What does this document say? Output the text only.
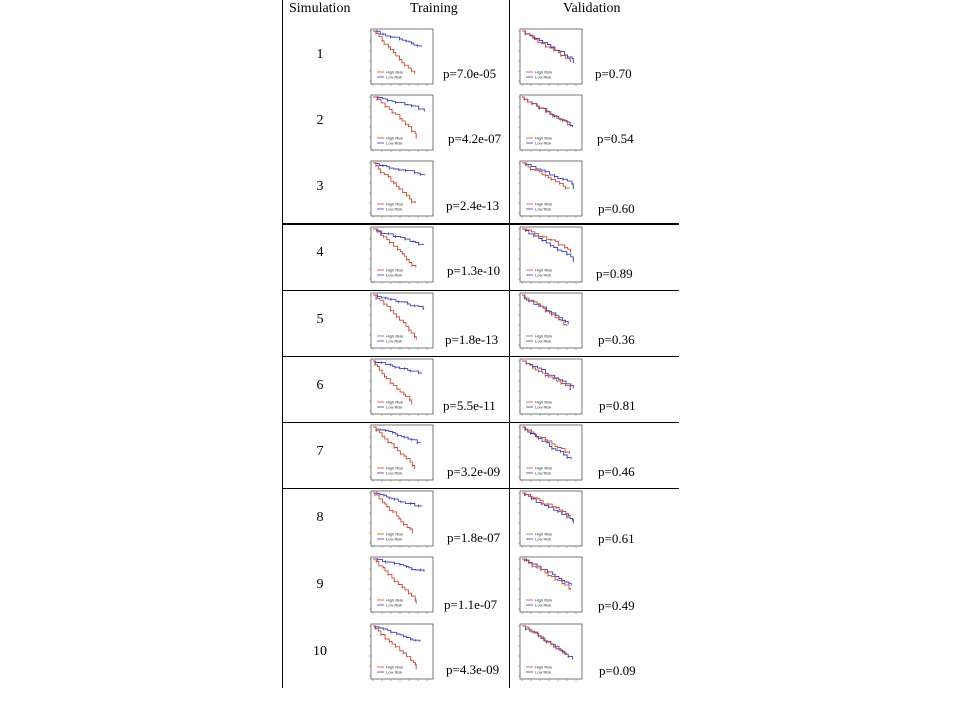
Simulation	Training	Validation
1
High Risk
Low Risk
High Risk
Low Risk
p=7.0e-05	p=0.70
2
High Risk
Low Risk
High Risk
Low Risk
p=4.2e-07	p=0.54
3
High Risk
Low Risk
High Risk
Low Risk
p=2.4e-13	p=0.60
4
High Risk
Low Risk
High Risk
Low Risk
p=1.3e-10	p=0.89
5
High Risk
Low Risk
High Risk
Low Risk
p=1.8e-13	p=0.36
6
High Risk
Low Risk
High Risk
Low Risk
p=5.5e-11	p=0.81
7
High Risk
Low Risk
High Risk
Low Risk
p=3.2e-09	p=0.46
8
High Risk
Low Risk
High Risk
Low Risk
p=1.8e-07	p=0.61
9
High Risk
Low Risk
High Risk
Low Risk
p=1.1e-07	p=0.49
10
High Risk
Low Risk
High Risk
Low Risk
p=4.3e-09	p=0.09
